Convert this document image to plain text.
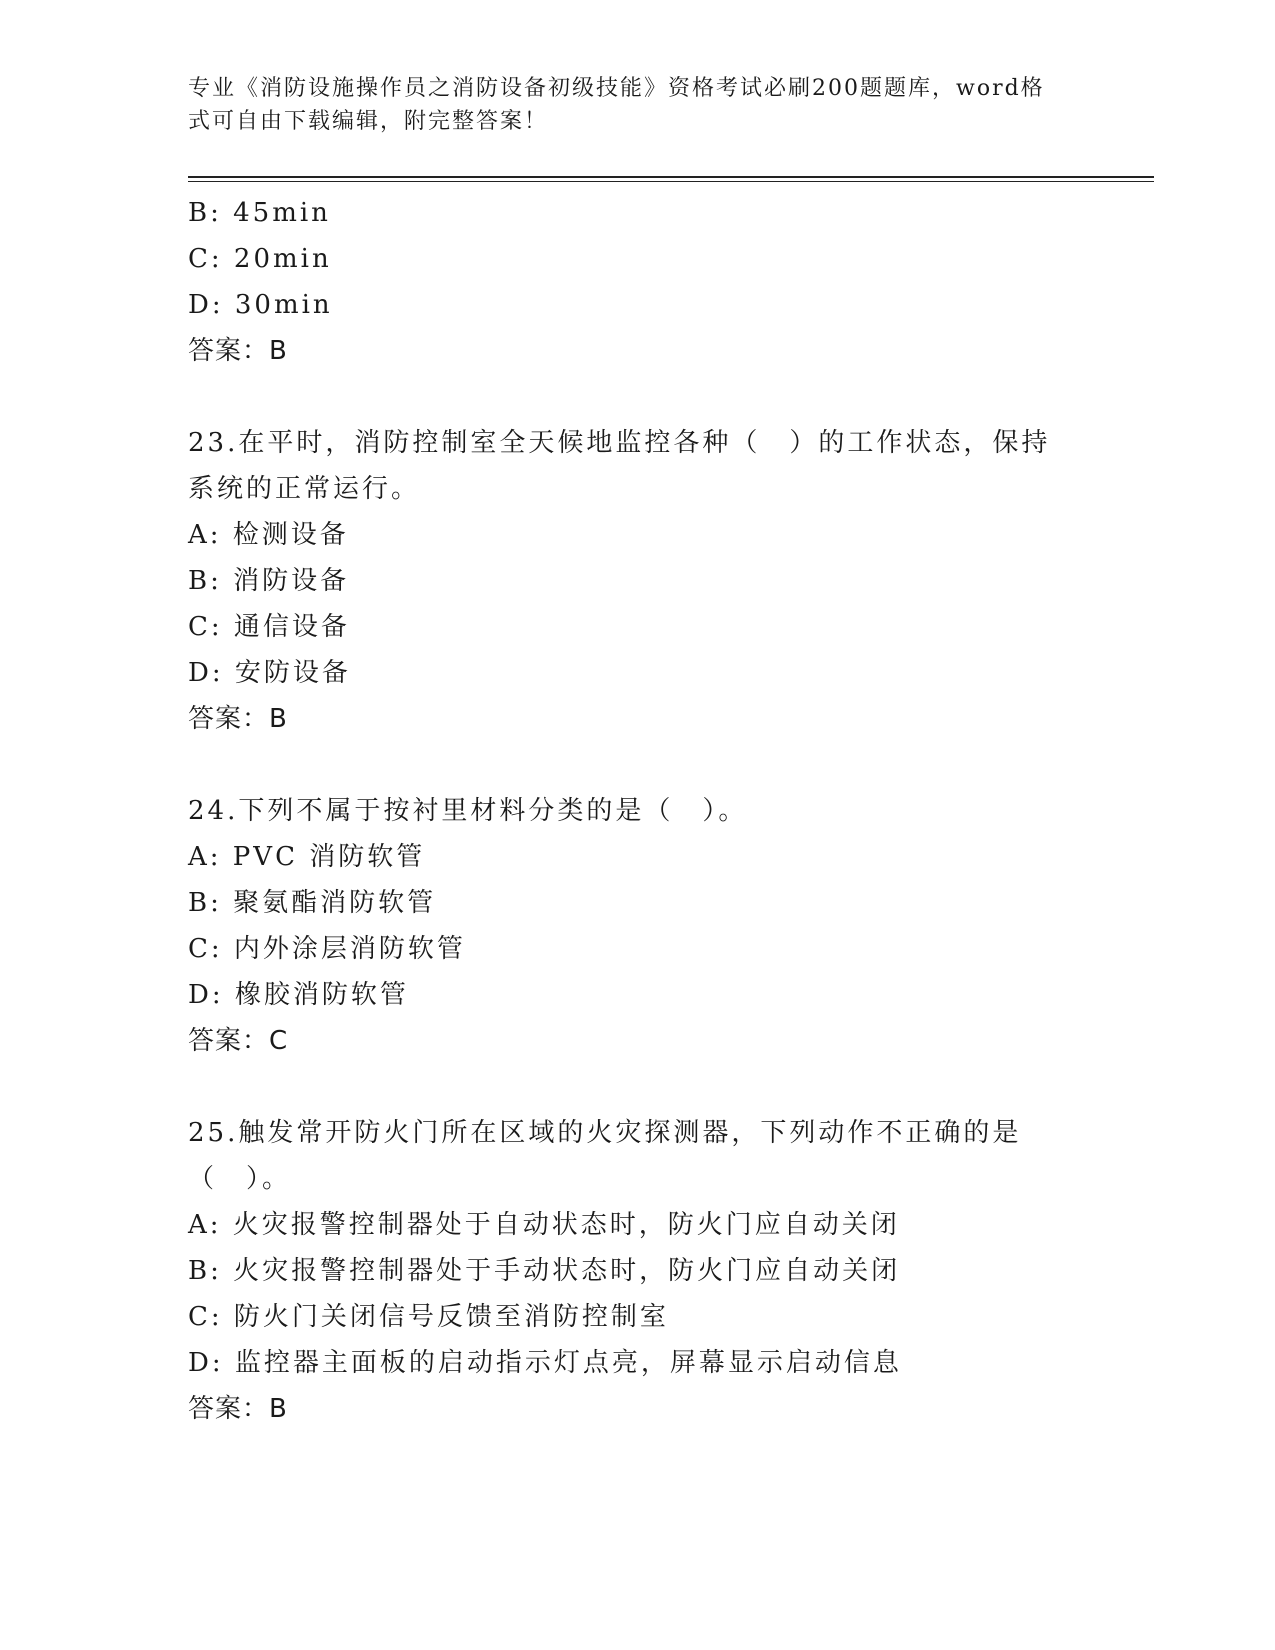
专业《消防设施操作员之消防设备初级技能》资格考试必刷200题题库，word格式可自由下载编辑，附完整答案！
B: 45min
C: 20min
D: 30min
答案：B
23.在平时，消防控制室全天候地监控各种（　）的工作状态，保持系统的正常运行。
A: 检测设备
B: 消防设备
C: 通信设备
D: 安防设备
答案：B
24.下列不属于按衬里材料分类的是（　）。
A: PVC 消防软管
B: 聚氨酯消防软管
C: 内外涂层消防软管
D: 橡胶消防软管
答案：C
25.触发常开防火门所在区域的火灾探测器，下列动作不正确的是（　）。
A: 火灾报警控制器处于自动状态时，防火门应自动关闭
B: 火灾报警控制器处于手动状态时，防火门应自动关闭
C: 防火门关闭信号反馈至消防控制室
D: 监控器主面板的启动指示灯点亮，屏幕显示启动信息
答案：B
